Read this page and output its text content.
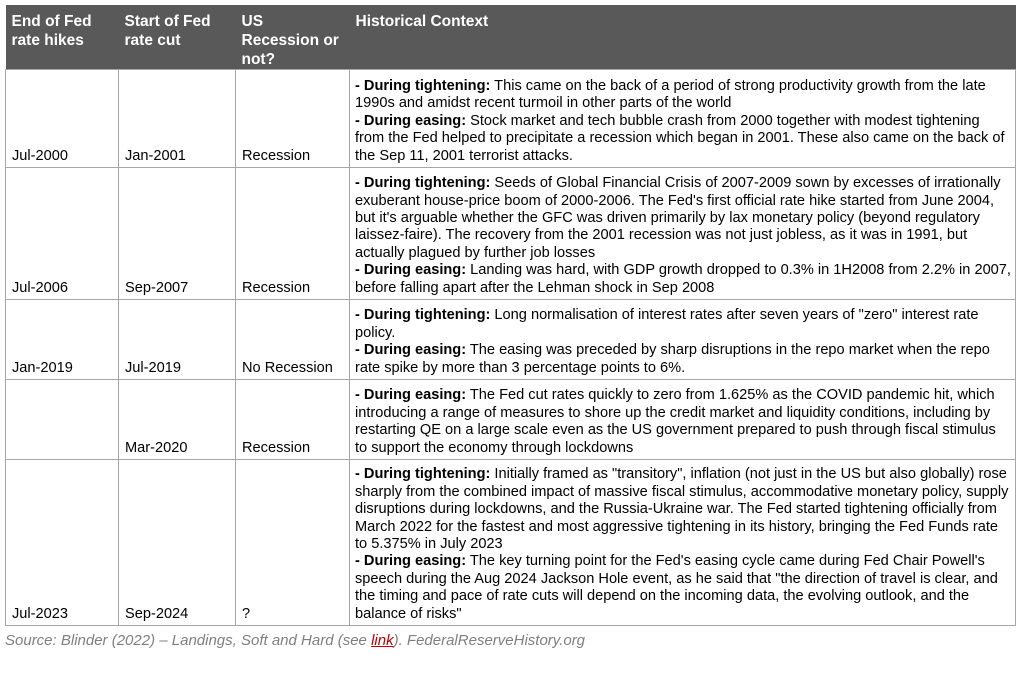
End of Fed rate hikes	Start of Fed rate cut	US Recession or not?	Historical Context
Jul-2000	Jan-2001	Recession	- During tightening: This came on the back of a period of strong productivity growth from the late 1990s and amidst recent turmoil in other parts of the world
- During easing: Stock market and tech bubble crash from 2000 together with modest tightening from the Fed helped to precipitate a recession which began in 2001. These also came on the back of the Sep 11, 2001 terrorist attacks.

Jul-2006	Sep-2007	Recession	- During tightening: Seeds of Global Financial Crisis of 2007-2009 sown by excesses of irrationally exuberant house-price boom of 2000-2006. The Fed's first official rate hike started from June 2004, but it's arguable whether the GFC was driven primarily by lax monetary policy (beyond regulatory laissez-faire). The recovery from the 2001 recession was not just jobless, as it was in 1991, but actually plagued by further job losses
- During easing: Landing was hard, with GDP growth dropped to 0.3% in 1H2008 from 2.2% in 2007, before falling apart after the Lehman shock in Sep 2008

Jan-2019	Jul-2019	No Recession	- During tightening: Long normalisation of interest rates after seven years of "zero" interest rate policy.
- During easing: The easing was preceded by sharp disruptions in the repo market when the repo rate spike by more than 3 percentage points to 6%.

	Mar-2020	Recession	- During easing: The Fed cut rates quickly to zero from 1.625% as the COVID pandemic hit, which introducing a range of measures to shore up the credit market and liquidity conditions, including by restarting QE on a large scale even as the US government prepared to push through fiscal stimulus to support the economy through lockdowns

Jul-2023	Sep-2024	?	- During tightening: Initially framed as "transitory", inflation (not just in the US but also globally) rose sharply from the combined impact of massive fiscal stimulus, accommodative monetary policy, supply disruptions during lockdowns, and the Russia-Ukraine war. The Fed started tightening officially from March 2022 for the fastest and most aggressive tightening in its history, bringing the Fed Funds rate to 5.375% in July 2023
- During easing: The key turning point for the Fed's easing cycle came during Fed Chair Powell's speech during the Aug 2024 Jackson Hole event, as he said that "the direction of travel is clear, and the timing and pace of rate cuts will depend on the incoming data, the evolving outlook, and the balance of risks"
Source: Blinder (2022) – Landings, Soft and Hard (see link). FederalReserveHistory.org
